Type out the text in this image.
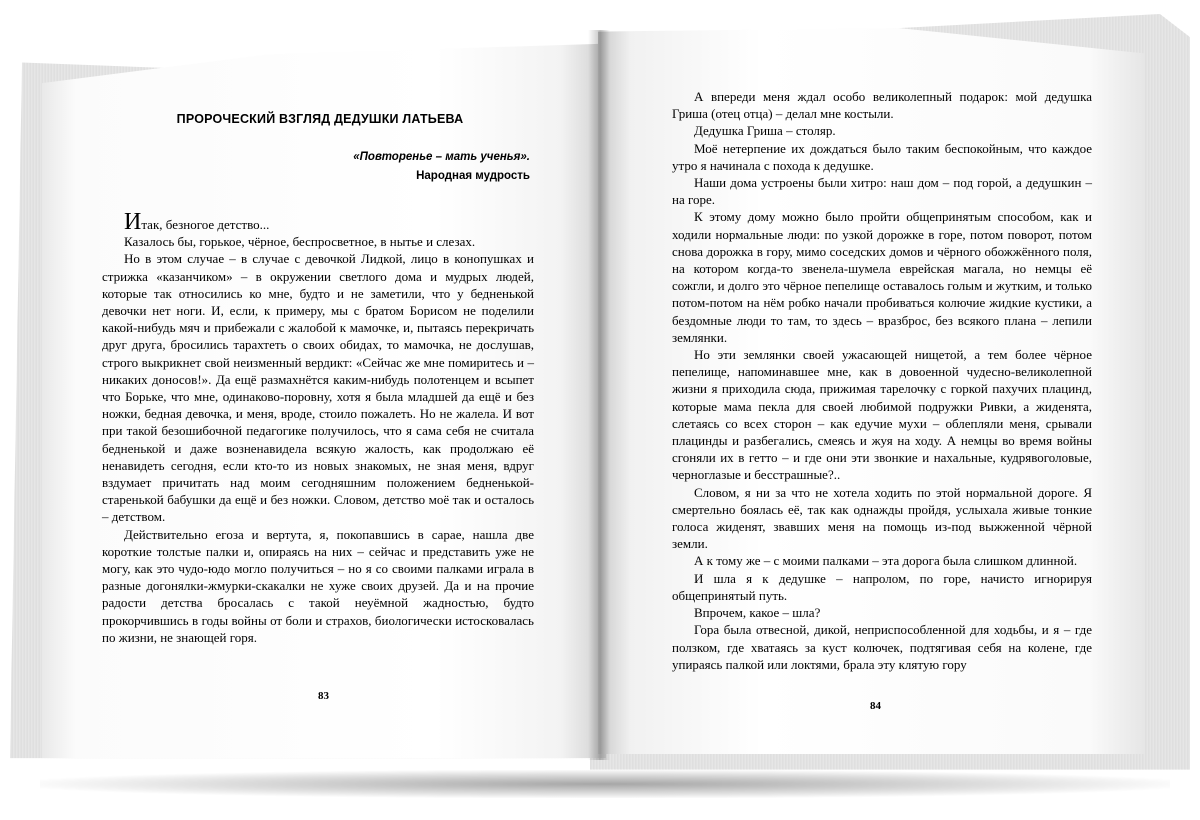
ПРОРОЧЕСКИЙ ВЗГЛЯД ДЕДУШКИ ЛАТЬЕВА
«Повторенье – мать ученья».
Народная мудрость

Итак, безногое детство...

Казалось бы, горькое, чёрное, беспросветное, в нытье и слезах.

Но в этом случае – в случае с девочкой Лидкой, лицо в конопушках и стрижка «казанчиком» – в окружении светлого дома и мудрых людей, которые так относились ко мне, будто и не заметили, что у бедненькой девочки нет ноги. И, если, к примеру, мы с братом Борисом не поделили какой-нибудь мяч и прибежали с жалобой к мамочке, и, пытаясь перекричать друг друга, бросились тарахтеть о своих обидах, то мамочка, не дослушав, строго выкрикнет свой неизменный вердикт: «Сейчас же мне помиритесь и – никаких доносов!». Да ещё размахнётся каким-нибудь полотенцем и всыпет что Борьке, что мне, одинаково-поровну, хотя я была младшей да ещё и без ножки, бедная девочка, и меня, вроде, стоило пожалеть. Но не жалела. И вот при такой безошибочной педагогике получилось, что я сама себя не считала бедненькой и даже возненавидела всякую жалость, как продолжаю её ненавидеть сегодня, если кто-то из новых знакомых, не зная меня, вдруг вздумает причитать над моим сегодняшним положением бедненькой-старенькой бабушки да ещё и без ножки. Словом, детство моё так и осталось – детством.

Действительно егоза и вертута, я, покопавшись в сарае, нашла две короткие толстые палки и, опираясь на них – сейчас и представить уже не могу, как это чудо-юдо могло получиться – но я со своими палками играла в разные догонялки-жмурки-скакалки не хуже своих друзей. Да и на прочие радости детства бросалась с такой неуёмной жадностью, будто прокорчившись в годы войны от боли и страхов, биологически истосковалась по жизни, не знающей горя.

83

А впереди меня ждал особо великолепный подарок: мой дедушка Гриша (отец отца) – делал мне костыли.

Дедушка Гриша – столяр.

Моё нетерпение их дождаться было таким беспокойным, что каждое утро я начинала с похода к дедушке.

Наши дома устроены были хитро: наш дом – под горой, а дедушкин – на горе.

К этому дому можно было пройти общепринятым способом, как и ходили нормальные люди: по узкой дорожке в горе, потом поворот, потом снова дорожка в гору, мимо соседских домов и чёрного обожжённого поля, на котором когда-то звенела-шумела еврейская магала, но немцы её сожгли, и долго это чёрное пепелище оставалось голым и жутким, и только потом-потом на нём робко начали пробиваться колючие жидкие кустики, а бездомные люди то там, то здесь – вразброс, без всякого плана – лепили землянки.

Но эти землянки своей ужасающей нищетой, а тем более чёрное пепелище, напоминавшее мне, как в довоенной чудесно-великолепной жизни я приходила сюда, прижимая тарелочку с горкой пахучих плацинд, которые мама пекла для своей любимой подружки Ривки, а жиденята, слетаясь со всех сторон – как едучие мухи – облепляли меня, срывали плацинды и разбегались, смеясь и жуя на ходу. А немцы во время войны сгоняли их в гетто – и где они эти звонкие и нахальные, кудрявоголовые, черноглазые и бесстрашные?..

Словом, я ни за что не хотела ходить по этой нормальной дороге. Я смертельно боялась её, так как однажды пройдя, услыхала живые тонкие голоса жиденят, звавших меня на помощь из-под выжженной чёрной земли.

А к тому же – с моими палками – эта дорога была слишком длинной.

И шла я к дедушке – напролом, по горе, начисто игнорируя общепринятый путь.

Впрочем, какое – шла?

Гора была отвесной, дикой, неприспособленной для ходьбы, и я – где ползком, где хватаясь за куст колючек, подтягивая себя на колене, где упираясь палкой или локтями, брала эту клятую гору

84
